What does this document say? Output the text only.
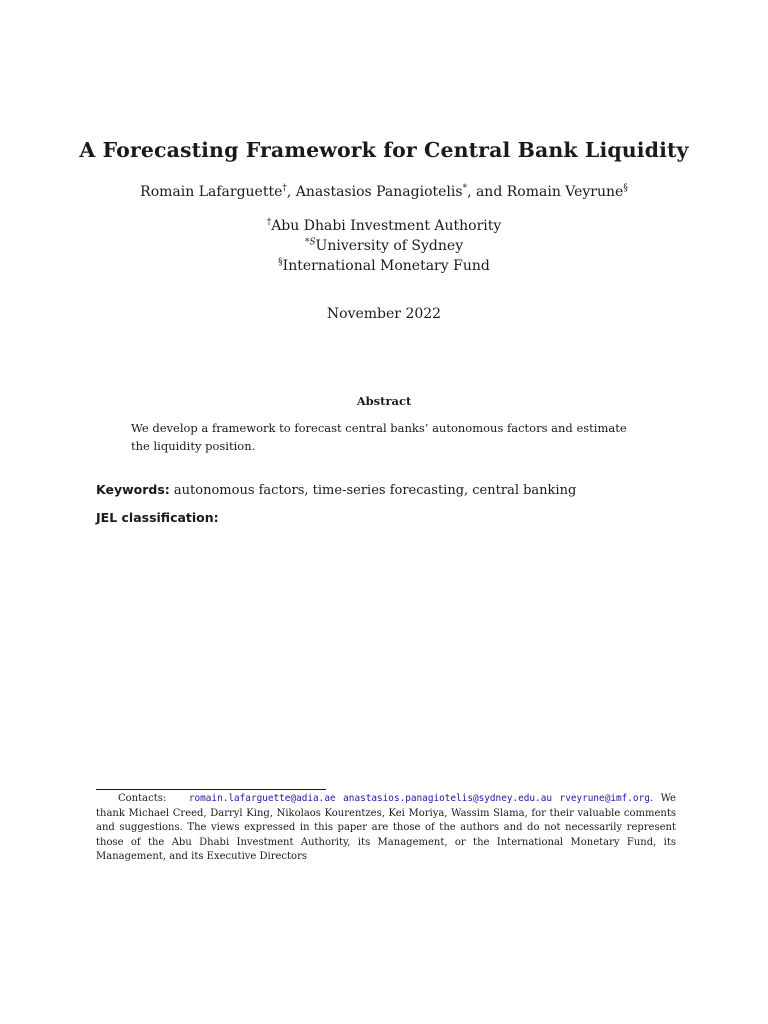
A Forecasting Framework for Central Bank Liquidity
Romain Lafarguette†, Anastasios Panagiotelis*, and Romain Veyrune§
†Abu Dhabi Investment Authority
$^{*S}$University of Sydney
§International Monetary Fund
November 2022
Abstract
We develop a framework to forecast central banks’ autonomous factors and estimate the liquidity position.
Keywords: autonomous factors, time-series forecasting, central banking
JEL classification:
Contacts: romain.lafarguette@adia.ae anastasios.panagiotelis@sydney.edu.au rveyrune@imf.org. We thank Michael Creed, Darryl King, Nikolaos Kourentzes, Kei Moriya, Wassim Slama, for their valuable comments and suggestions. The views expressed in this paper are those of the authors and do not necessarily represent those of the Abu Dhabi Investment Authority, its Management, or the International Monetary Fund, its Management, and its Executive Directors
